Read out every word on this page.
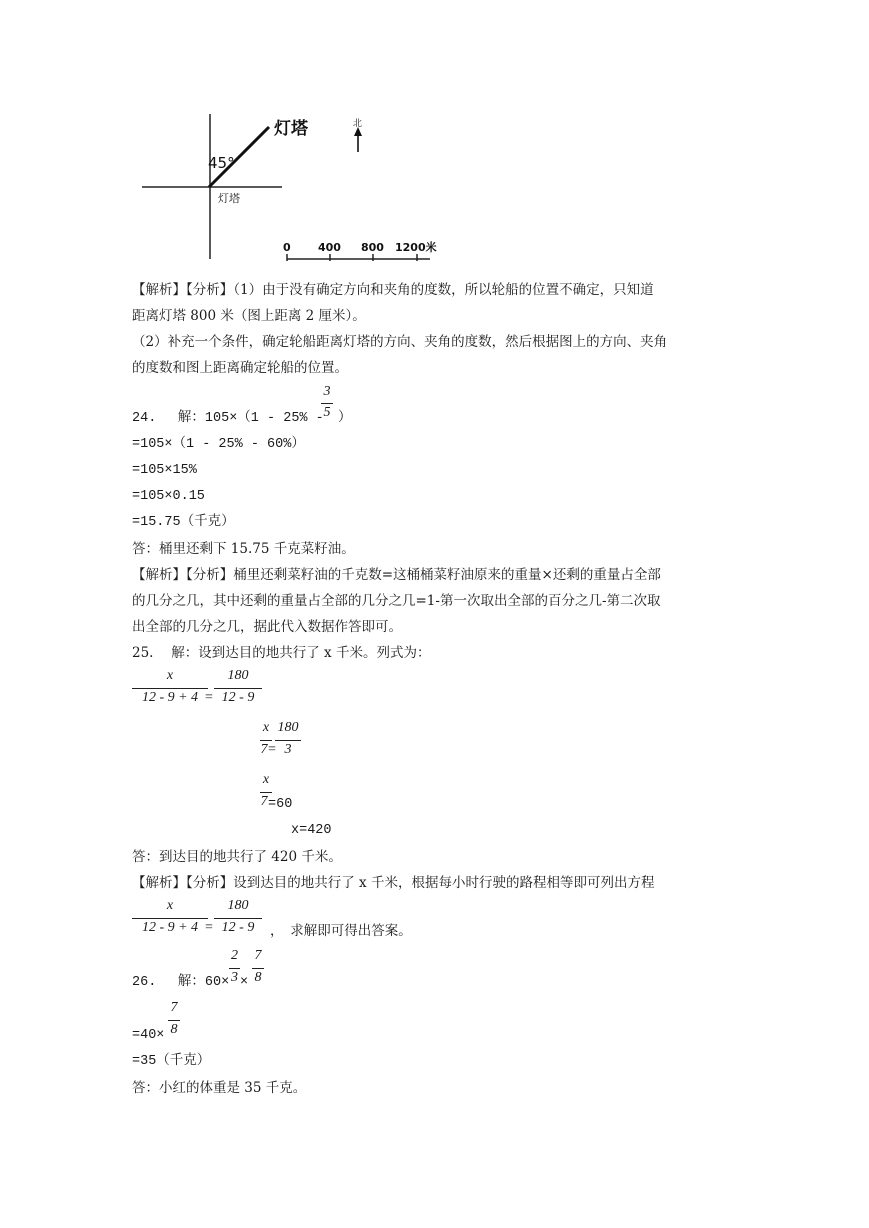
灯塔
45°
灯塔
北
0 400 800 1200米
【解析】【分析】（1）由于没有确定方向和夹角的度数，所以轮船的位置不确定，只知道
距离灯塔 800 米（图上距离 2 厘米）。
（2）补充一个条件，确定轮船距离灯塔的方向、夹角的度数，然后根据图上的方向、夹角
的度数和图上距离确定轮船的位置。
24.　 解：105×（1 - 25% -
3
5 ）
=105×（1 - 25% - 60%）
=105×15%
=105×0.15
=15.75（千克）
答：桶里还剩下 15.75 千克菜籽油。
【解析】【分析】桶里还剩菜籽油的千克数=这桶桶菜籽油原来的重量×还剩的重量占全部
的几分之几，其中还剩的重量占全部的几分之几=1-第一次取出全部的百分之几-第二次取
出全部的几分之几，据此代入数据作答即可。
25.　 解：设到达目的地共行了 x 千米。列式为：
x
12 - 9 + 4 =
180
12 - 9
x
7 =
180
3
x
7 =60
x=420
答：到达目的地共行了 420 千米。
【解析】【分析】设到达目的地共行了 x 千米，根据每小时行驶的路程相等即可列出方程
x
12 - 9 + 4 =
180
12 - 9	，　求解即可得出答案。
26.　 解：60×
2
3 ×
7
8
=40×
7
8
=35（千克）
答：小红的体重是 35 千克。
